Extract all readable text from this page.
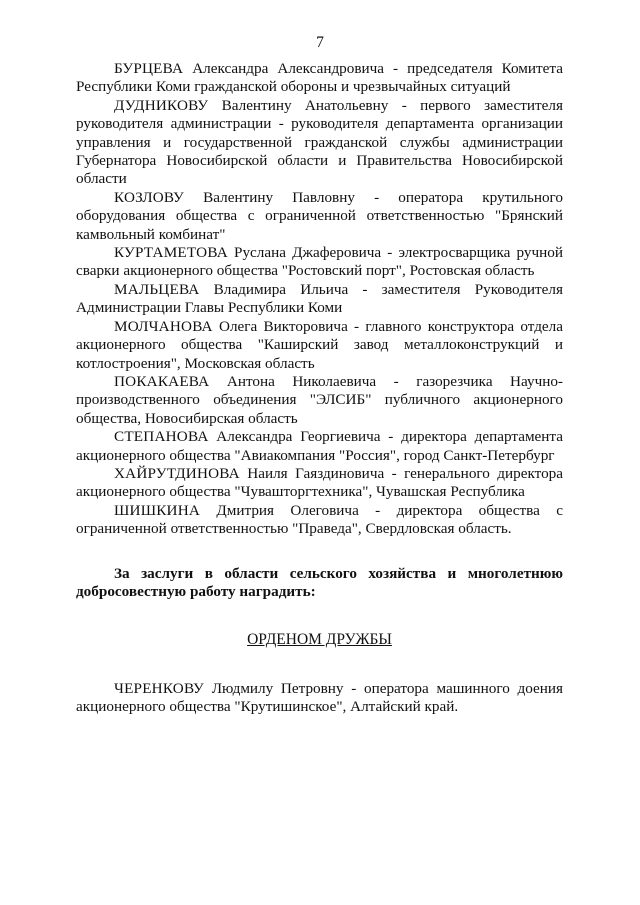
7

БУРЦЕВА Александра Александровича - председателя Комитета Республики Коми гражданской обороны и чрезвычайных ситуаций

ДУДНИКОВУ Валентину Анатольевну - первого заместителя руководителя администрации - руководителя департамента организации управления и государственной гражданской службы администрации Губернатора Новосибирской области и Правительства Новосибирской области

КОЗЛОВУ Валентину Павловну - оператора крутильного оборудования общества с ограниченной ответственностью "Брянский камвольный комбинат"

КУРТАМЕТОВА Руслана Джаферовича - электросварщика ручной сварки акционерного общества "Ростовский порт", Ростовская область

МАЛЬЦЕВА Владимира Ильича - заместителя Руководителя Администрации Главы Республики Коми

МОЛЧАНОВА Олега Викторовича - главного конструктора отдела акционерного общества "Каширский завод металлоконструкций и котлостроения", Московская область

ПОКАКАЕВА Антона Николаевича - газорезчика Научно-производственного объединения "ЭЛСИБ" публичного акционерного общества, Новосибирская область

СТЕПАНОВА Александра Георгиевича - директора департамента акционерного общества "Авиакомпания "Россия", город Санкт-Петербург

ХАЙРУТДИНОВА Наиля Гаяздиновича - генерального директора акционерного общества "Чувашторгтехника", Чувашская Республика

ШИШКИНА Дмитрия Олеговича - директора общества с ограниченной ответственностью "Праведа", Свердловская область.

За заслуги в области сельского хозяйства и многолетнюю добросовестную работу наградить:

ОРДЕНОМ ДРУЖБЫ

ЧЕРЕНКОВУ Людмилу Петровну - оператора машинного доения акционерного общества "Крутишинское", Алтайский край.
